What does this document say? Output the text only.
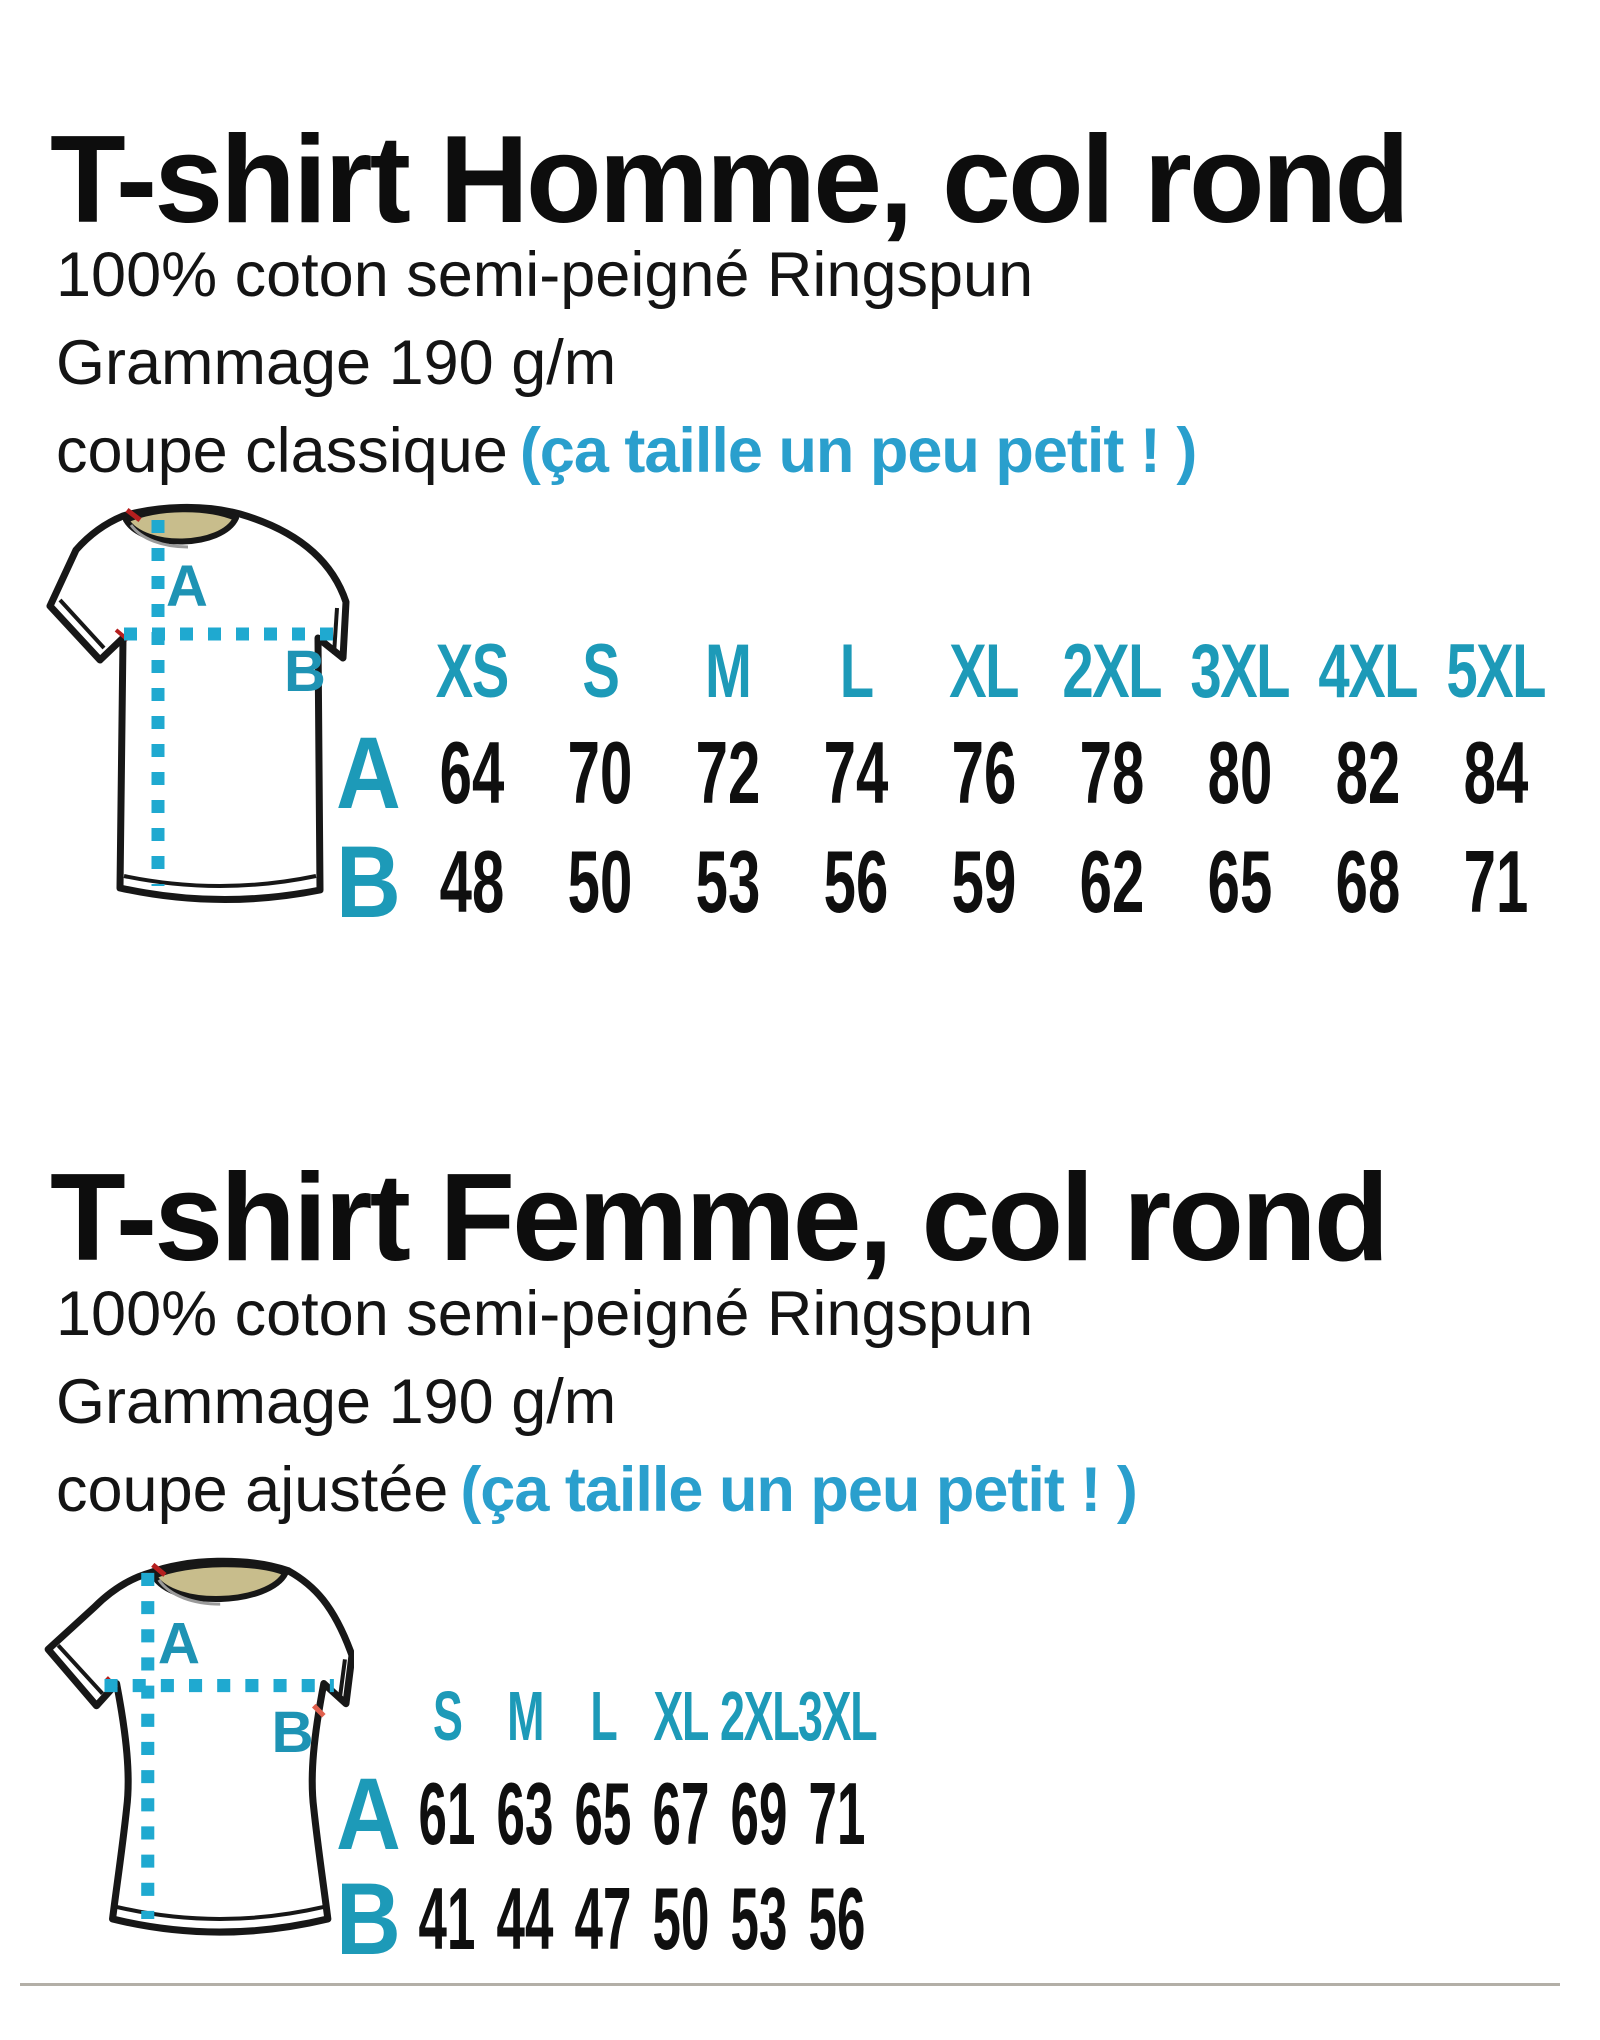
T-shirt Homme, col rond
100% coton semi-peigné Ringspun
Grammage 190 g/m
coupe classique (ça taille un peu petit ! )
A
B XS S M L XL 2XL 3XL 4XL 5XL
A 64 70 72 74 76 78 80 82 84
B 48 50 53 56 59 62 65 68 71
T-shirt Femme, col rond
100% coton semi-peigné Ringspun
Grammage 190 g/m
coupe ajustée (ça taille un peu petit ! )
A
B S M L XL 2XL 3XL
A 61 63 65 67 69 71
B 41 44 47 50 53 56
